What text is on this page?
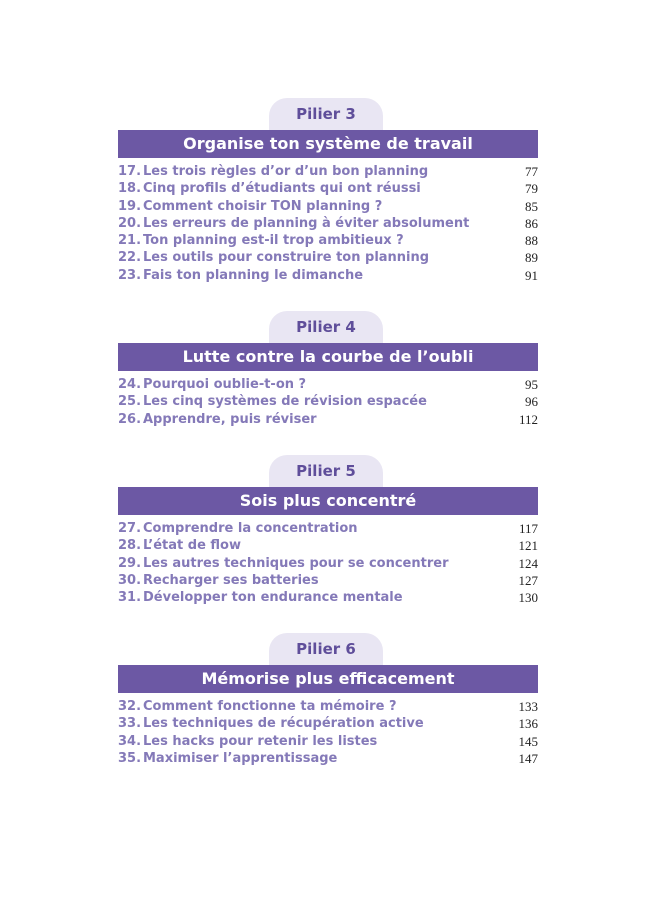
Pilier 3
Organise ton système de travail
17. Les trois règles d’or d’un bon planning	77
18. Cinq profils d’étudiants qui ont réussi	79
19. Comment choisir TON planning ?	85
20. Les erreurs de planning à éviter absolument	86
21. Ton planning est-il trop ambitieux ?	88
22. Les outils pour construire ton planning	89
23. Fais ton planning le dimanche	91
Pilier 4
Lutte contre la courbe de l’oubli
24. Pourquoi oublie-t-on ?	95
25. Les cinq systèmes de révision espacée	96
26. Apprendre, puis réviser	112
Pilier 5
Sois plus concentré
27. Comprendre la concentration	117
28. L’état de flow	121
29. Les autres techniques pour se concentrer	124
30. Recharger ses batteries	127
31. Développer ton endurance mentale	130
Pilier 6
Mémorise plus efficacement
32. Comment fonctionne ta mémoire ?	133
33. Les techniques de récupération active	136
34. Les hacks pour retenir les listes	145
35. Maximiser l’apprentissage	147
